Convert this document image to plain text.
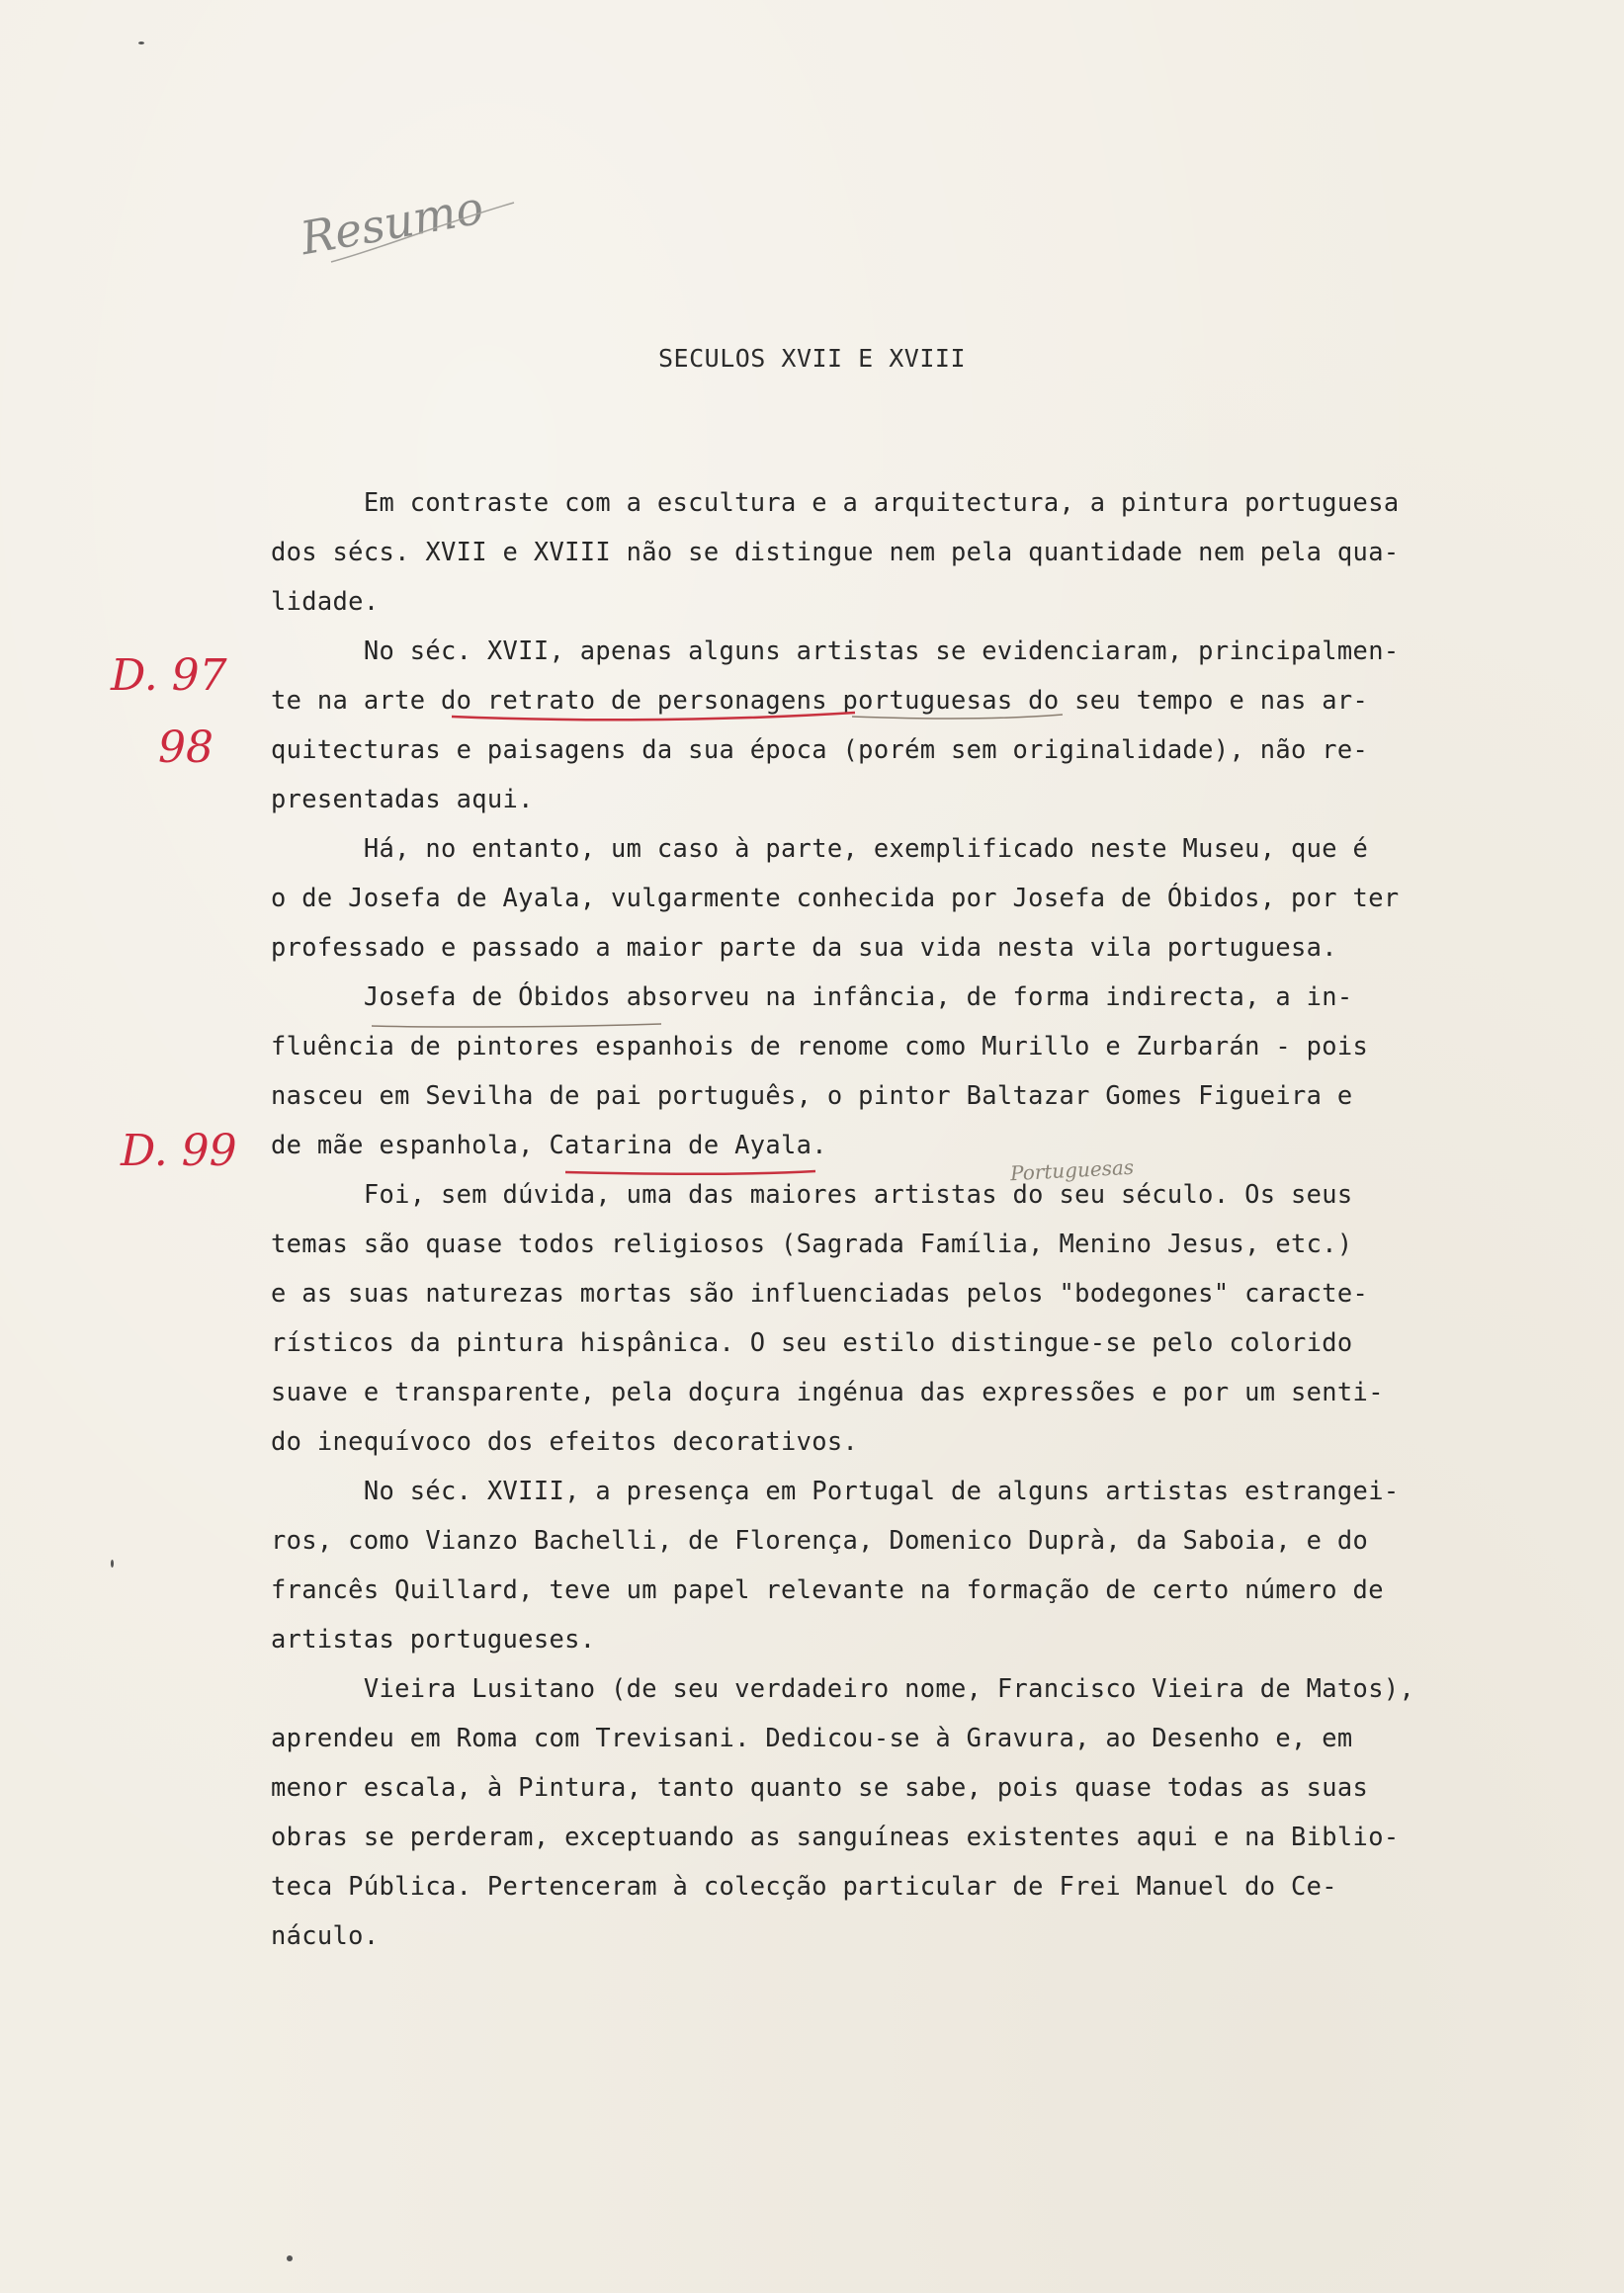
Resumo
SECULOS XVII E XVIII
Em contraste com a escultura e a arquitectura, a pintura portuguesa
dos sécs. XVII e XVIII não se distingue nem pela quantidade nem pela qua-
lidade.
No séc. XVII, apenas alguns artistas se evidenciaram, principalmen-
te na arte do retrato de personagens portuguesas do seu tempo e nas ar-
quitecturas e paisagens da sua época (porém sem originalidade), não re-
presentadas aqui.
Há, no entanto, um caso à parte, exemplificado neste Museu, que é
o de Josefa de Ayala, vulgarmente conhecida por Josefa de Óbidos, por ter
professado e passado a maior parte da sua vida nesta vila portuguesa.
Josefa de Óbidos absorveu na infância, de forma indirecta, a in-
fluência de pintores espanhois de renome como Murillo e Zurbarán - pois
nasceu em Sevilha de pai português, o pintor Baltazar Gomes Figueira e
de mãe espanhola, Catarina de Ayala.
Foi, sem dúvida, uma das maiores artistas do seu século. Os seus
temas são quase todos religiosos (Sagrada Família, Menino Jesus, etc.)
e as suas naturezas mortas são influenciadas pelos "bodegones" caracte-
rísticos da pintura hispânica. O seu estilo distingue-se pelo colorido
suave e transparente, pela doçura ingénua das expressões e por um senti-
do inequívoco dos efeitos decorativos.
No séc. XVIII, a presença em Portugal de alguns artistas estrangei-
ros, como Vianzo Bachelli, de Florença, Domenico Duprà, da Saboia, e do
francês Quillard, teve um papel relevante na formação de certo número de
artistas portugueses.
Vieira Lusitano (de seu verdadeiro nome, Francisco Vieira de Matos),
aprendeu em Roma com Trevisani. Dedicou-se à Gravura, ao Desenho e, em
menor escala, à Pintura, tanto quanto se sabe, pois quase todas as suas
obras se perderam, exceptuando as sanguíneas existentes aqui e na Biblio-
teca Pública. Pertenceram à colecção particular de Frei Manuel do Ce-
náculo.
Portuguesas
D. 97
98
D. 99
